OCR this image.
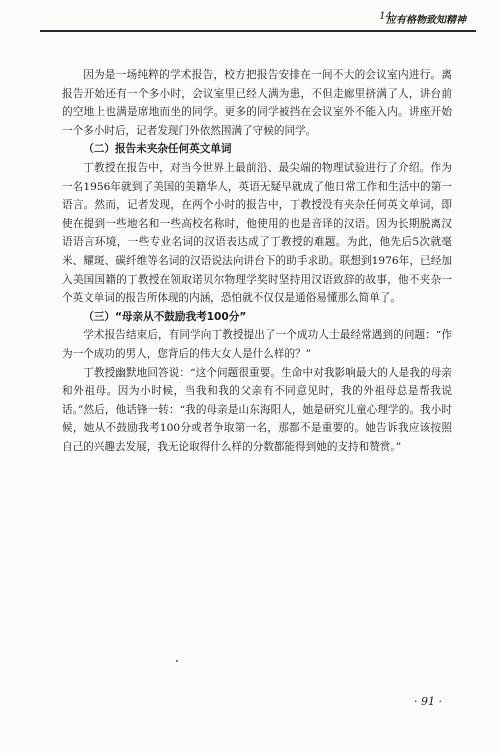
14
应有格物致知精神

因为是一场纯粹的学术报告，校方把报告安排在一间不大的会议室内进行。离报告开始还有一个多小时，会议室里已经人满为患，不但走廊里挤满了人，讲台前的空地上也满是席地而坐的同学。更多的同学被挡在会议室外不能入内。讲座开始一个多小时后，记者发现门外依然围满了守候的同学。

（二）报告未夹杂任何英文单词

丁教授在报告中，对当今世界上最前沿、最尖端的物理试验进行了介绍。作为一名1956年就到了美国的美籍华人，英语无疑早就成了他日常工作和生活中的第一语言。然而，记者发现，在两个小时的报告中，丁教授没有夹杂任何英文单词，即使在提到一些地名和一些高校名称时，他使用的也是音译的汉语。因为长期脱离汉语语言环境，一些专业名词的汉语表达成了丁教授的难题。为此，他先后5次就毫米、耀斑、碳纤维等名词的汉语说法向讲台下的助手求助。联想到1976年，已经加入美国国籍的丁教授在领取诺贝尔物理学奖时坚持用汉语致辞的故事，他不夹杂一个英文单词的报告所体现的内涵，恐怕就不仅仅是通俗易懂那么简单了。

（三）“母亲从不鼓励我考100分”

学术报告结束后，有同学向丁教授提出了一个成功人士最经常遇到的问题：“作为一个成功的男人，您背后的伟大女人是什么样的？”

丁教授幽默地回答说：“这个问题很重要。生命中对我影响最大的人是我的母亲和外祖母。因为小时候，当我和我的父亲有不同意见时，我的外祖母总是帮我说话。”然后，他话锋一转：“我的母亲是山东海阳人，她是研究儿童心理学的。我小时候，她从不鼓励我考100分或者争取第一名，那都不是重要的。她告诉我应该按照自己的兴趣去发展，我无论取得什么样的分数都能得到她的支持和赞赏。”

· 91 ·
